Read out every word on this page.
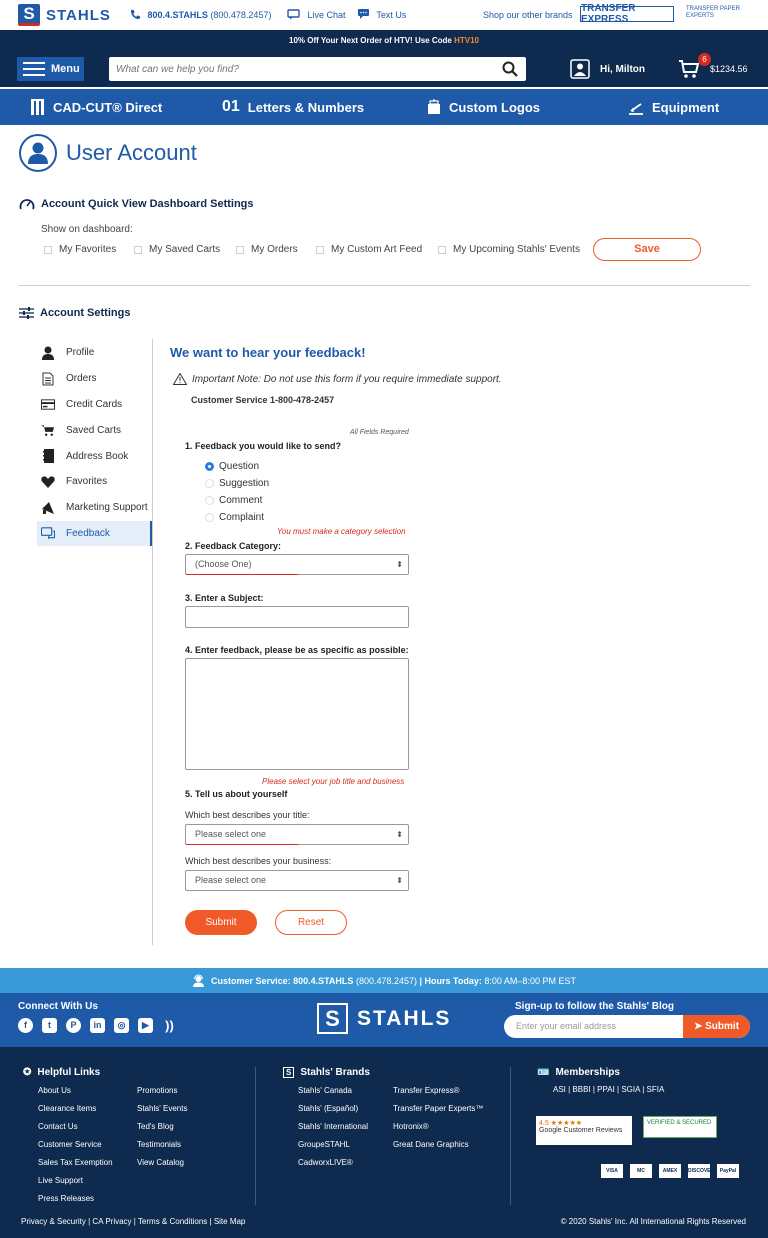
S STAHLS	800.4.STAHLS (800.478.2457)	Live Chat	Text Us	Shop our other brands
TRANSFER EXPRESS
TRANSFER PAPER EXPERTS
10% Off Your Next Order of HTV! Use Code HTV10
Menu
What can we help you find?	Hi, Milton
6
$1234.56
CAD-CUT® Direct	01 Letters & Numbers	Custom Logos	Equipment
User Account
Account Quick View Dashboard Settings
Show on dashboard:
My Favorites	My Saved Carts	My Orders	My Custom Art Feed	My Upcoming Stahls' Events	Save
Account Settings
Profile
Orders
Credit Cards
Saved Carts
Address Book
Favorites
Marketing Support
Feedback
We want to hear your feedback!
Important Note: Do not use this form if you require immediate support.
Customer Service 1-800-478-2457
All Fields Required
1. Feedback you would like to send?
Question
Suggestion
Comment
Complaint
You must make a category selection
2. Feedback Category:
(Choose One)	⬍
3. Enter a Subject:
4. Enter feedback, please be as specific as possible:
Please select your job title and business
5. Tell us about yourself
Which best describes your title:
Please select one	⬍
Which best describes your business:
Please select one	⬍
Submit	Reset
Customer Service: 800.4.STAHLS (800.478.2457) | Hours Today: 8:00 AM–8:00 PM EST
Connect With Us
f	t	P	in	◎	▶	))	S STAHLS	Sign-up to follow the Stahls' Blog
Enter your email address	➤ Submit
✪ Helpful Links
About Us
Clearance Items
Contact Us
Customer Service
Sales Tax Exemption
Live Support
Press Releases
Promotions
Stahls' Events
Ted's Blog
Testimonials
View Catalog
S Stahls' Brands
Stahls' Canada
Stahls' (Español)
Stahls' International
GroupeSTAHL
CadworxLIVE®
Transfer Express®
Transfer Paper Experts™
Hotronix®
Great Dane Graphics
🪪 Memberships
ASI | BBBI | PPAI | SGIA | SFIA
4.5 ★★★★★
Google Customer Reviews
VERIFIED & SECURED
VISA	MC	AMEX	DISCOVER	PayPal
Privacy & Security | CA Privacy | Terms & Conditions | Site Map	© 2020 Stahls' Inc. All International Rights Reserved
